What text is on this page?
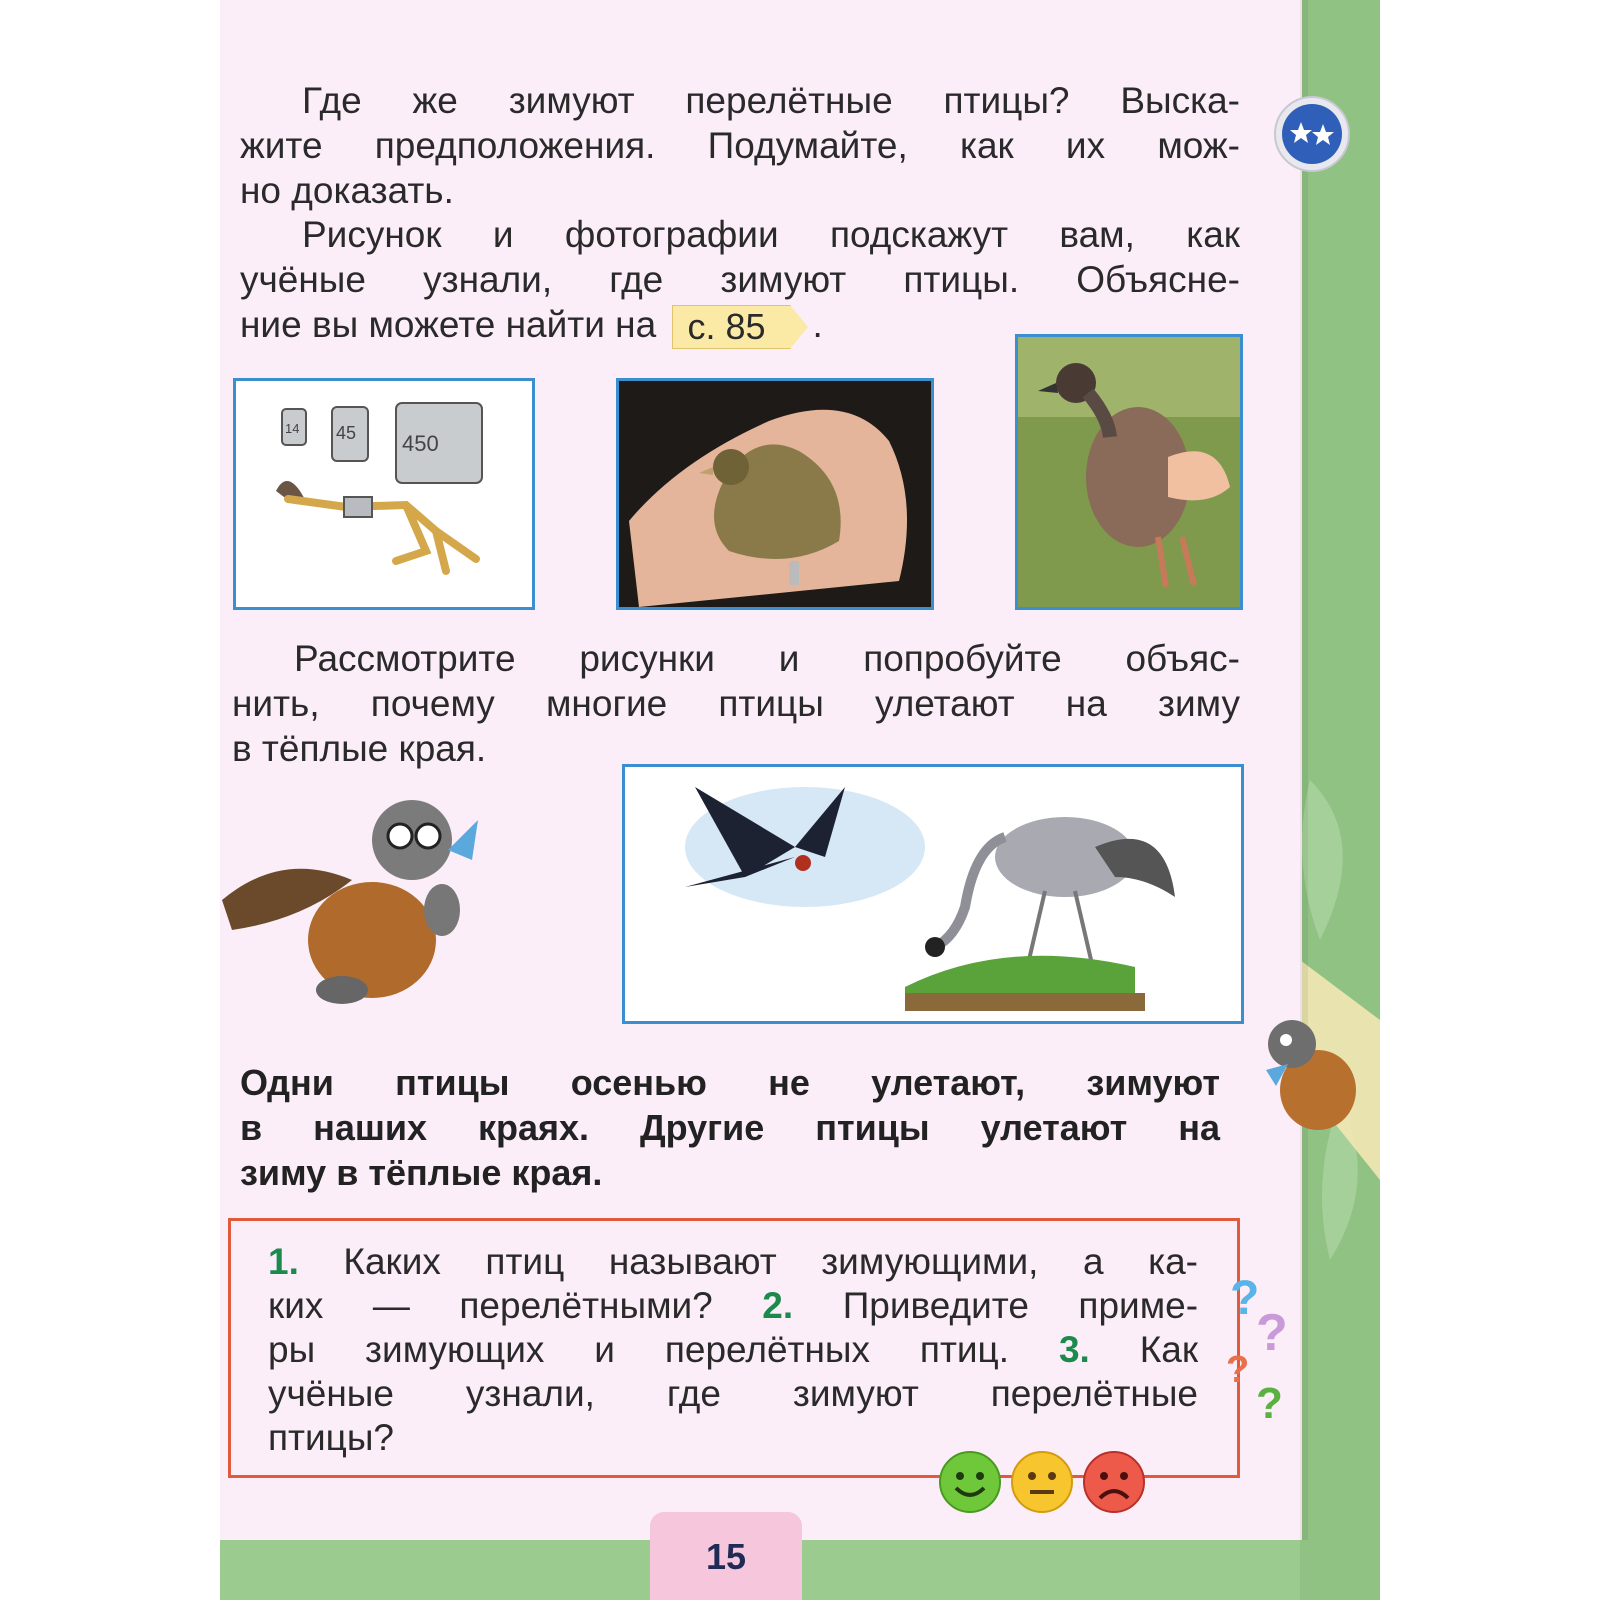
Где же зимуют перелётные птицы? Выска-
жите предположения. Подумайте, как их мож-
но доказать.
Рисунок и фотографии подскажут вам, как
учёные узнали, где зимуют птицы. Объясне-
ние вы можете найти на с. 85 .
14 45 450
Рассмотрите рисунки и попробуйте объяс-
нить, почему многие птицы улетают на зиму
в тёплые края.
Одни птицы осенью не улетают, зимуют
в наших краях. Другие птицы улетают на
зиму в тёплые края.
1. Каких птиц называют зимующими, а ка-
ких — перелётными? 2. Приведите приме-
ры зимующих и перелётных птиц. 3. Как
учёные узнали, где зимуют перелётные
птицы?
?
?
?
?
15
